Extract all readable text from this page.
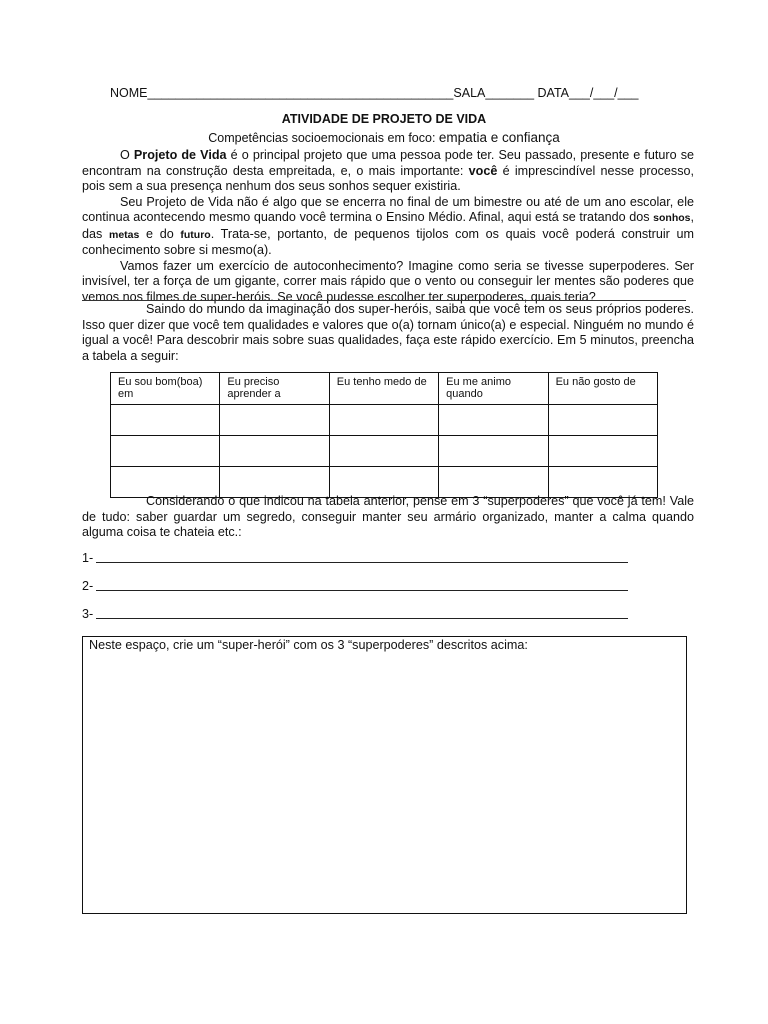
NOME____________________________________________SALA_______ DATA___/___/___
ATIVIDADE DE PROJETO DE VIDA
Competências socioemocionais em foco: empatia e confiança

O Projeto de Vida é o principal projeto que uma pessoa pode ter. Seu passado, presente e futuro se encontram na construção desta empreitada, e, o mais importante: você é imprescindível nesse processo, pois sem a sua presença nenhum dos seus sonhos sequer existiria.

Seu Projeto de Vida não é algo que se encerra no final de um bimestre ou até de um ano escolar, ele continua acontecendo mesmo quando você termina o Ensino Médio. Afinal, aqui está se tratando dos sonhos, das metas e do futuro. Trata-se, portanto, de pequenos tijolos com os quais você poderá construir um conhecimento sobre si mesmo(a).

Vamos fazer um exercício de autoconhecimento? Imagine como seria se tivesse superpoderes. Ser invisível, ter a força de um gigante, correr mais rápido que o vento ou conseguir ler mentes são poderes que vemos nos filmes de super-heróis. Se você pudesse escolher ter superpoderes, quais teria?

Saindo do mundo da imaginação dos super-heróis, saiba que você tem os seus próprios poderes. Isso quer dizer que você tem qualidades e valores que o(a) tornam único(a) e especial. Ninguém no mundo é igual a você! Para descobrir mais sobre suas qualidades, faça este rápido exercício. Em 5 minutos, preencha a tabela a seguir:

Eu sou bom(boa) em	Eu preciso aprender a	Eu tenho medo de	Eu me animo quando	Eu não gosto de

Considerando o que indicou na tabela anterior, pense em 3 “superpoderes” que você já tem! Vale de tudo: saber guardar um segredo, conseguir manter seu armário organizado, manter a calma quando alguma coisa te chateia etc.:

1-
2-
3-
Neste espaço, crie um “super-herói” com os 3 “superpoderes” descritos acima:
